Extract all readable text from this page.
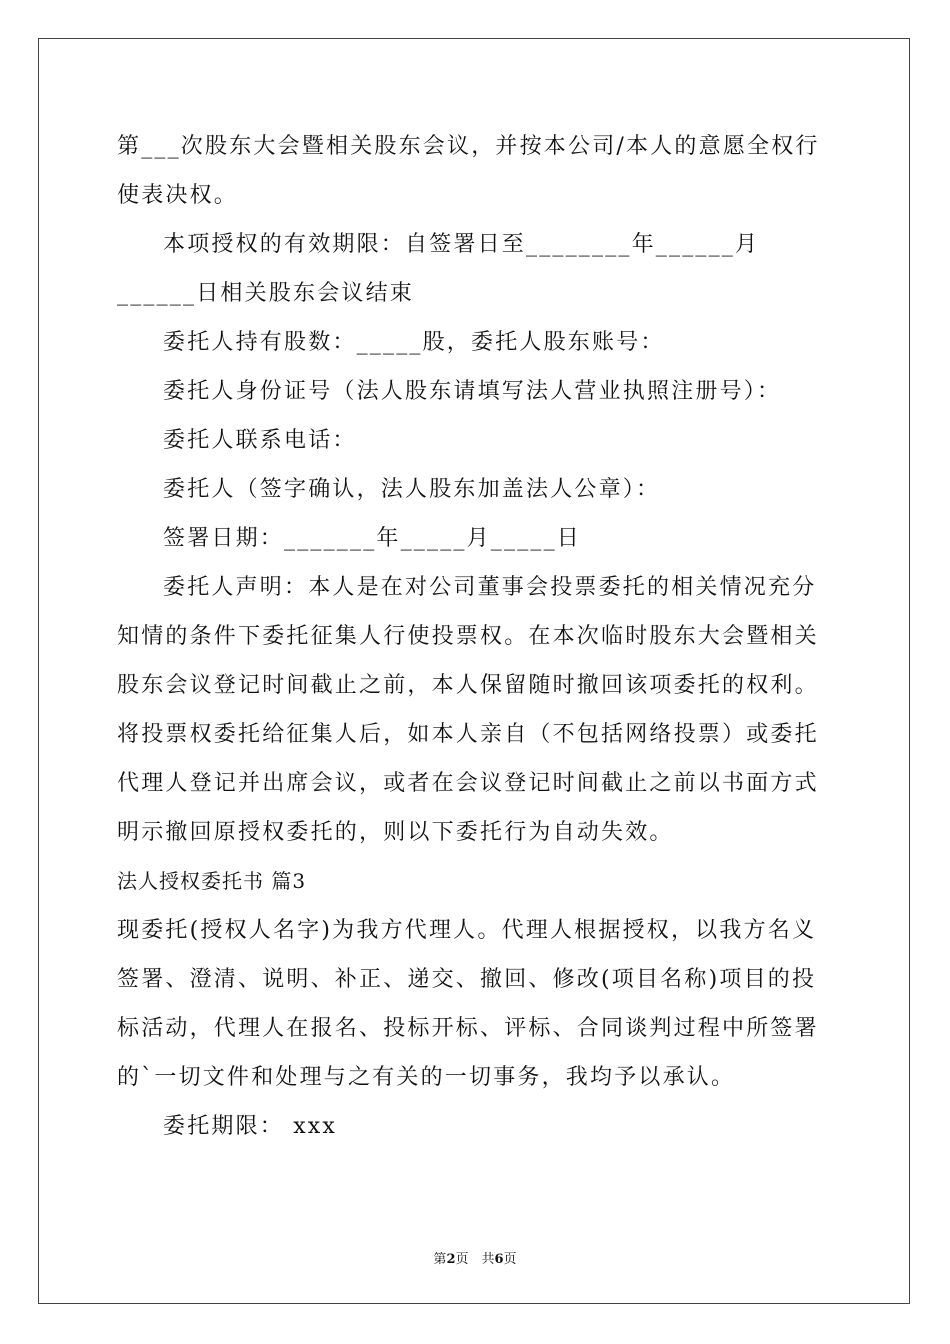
第___次股东大会暨相关股东会议，并按本公司/本人的意愿全权行使表决权。

本项授权的有效期限：自签署日至________年______月______日相关股东会议结束

委托人持有股数：_____股，委托人股东账号：

委托人身份证号（法人股东请填写法人营业执照注册号）：

委托人联系电话：

委托人（签字确认，法人股东加盖法人公章）：

签署日期：_______年_____月_____日

委托人声明：本人是在对公司董事会投票委托的相关情况充分知情的条件下委托征集人行使投票权。在本次临时股东大会暨相关股东会议登记时间截止之前，本人保留随时撤回该项委托的权利。将投票权委托给征集人后，如本人亲自（不包括网络投票）或委托代理人登记并出席会议，或者在会议登记时间截止之前以书面方式明示撤回原授权委托的，则以下委托行为自动失效。

法人授权委托书 篇3

现委托(授权人名字)为我方代理人。代理人根据授权，以我方名义签署、澄清、说明、补正、递交、撤回、修改(项目名称)项目的投标活动，代理人在报名、投标开标、评标、合同谈判过程中所签署的`一切文件和处理与之有关的一切事务，我均予以承认。

委托期限： xxx

第2页　共6页
